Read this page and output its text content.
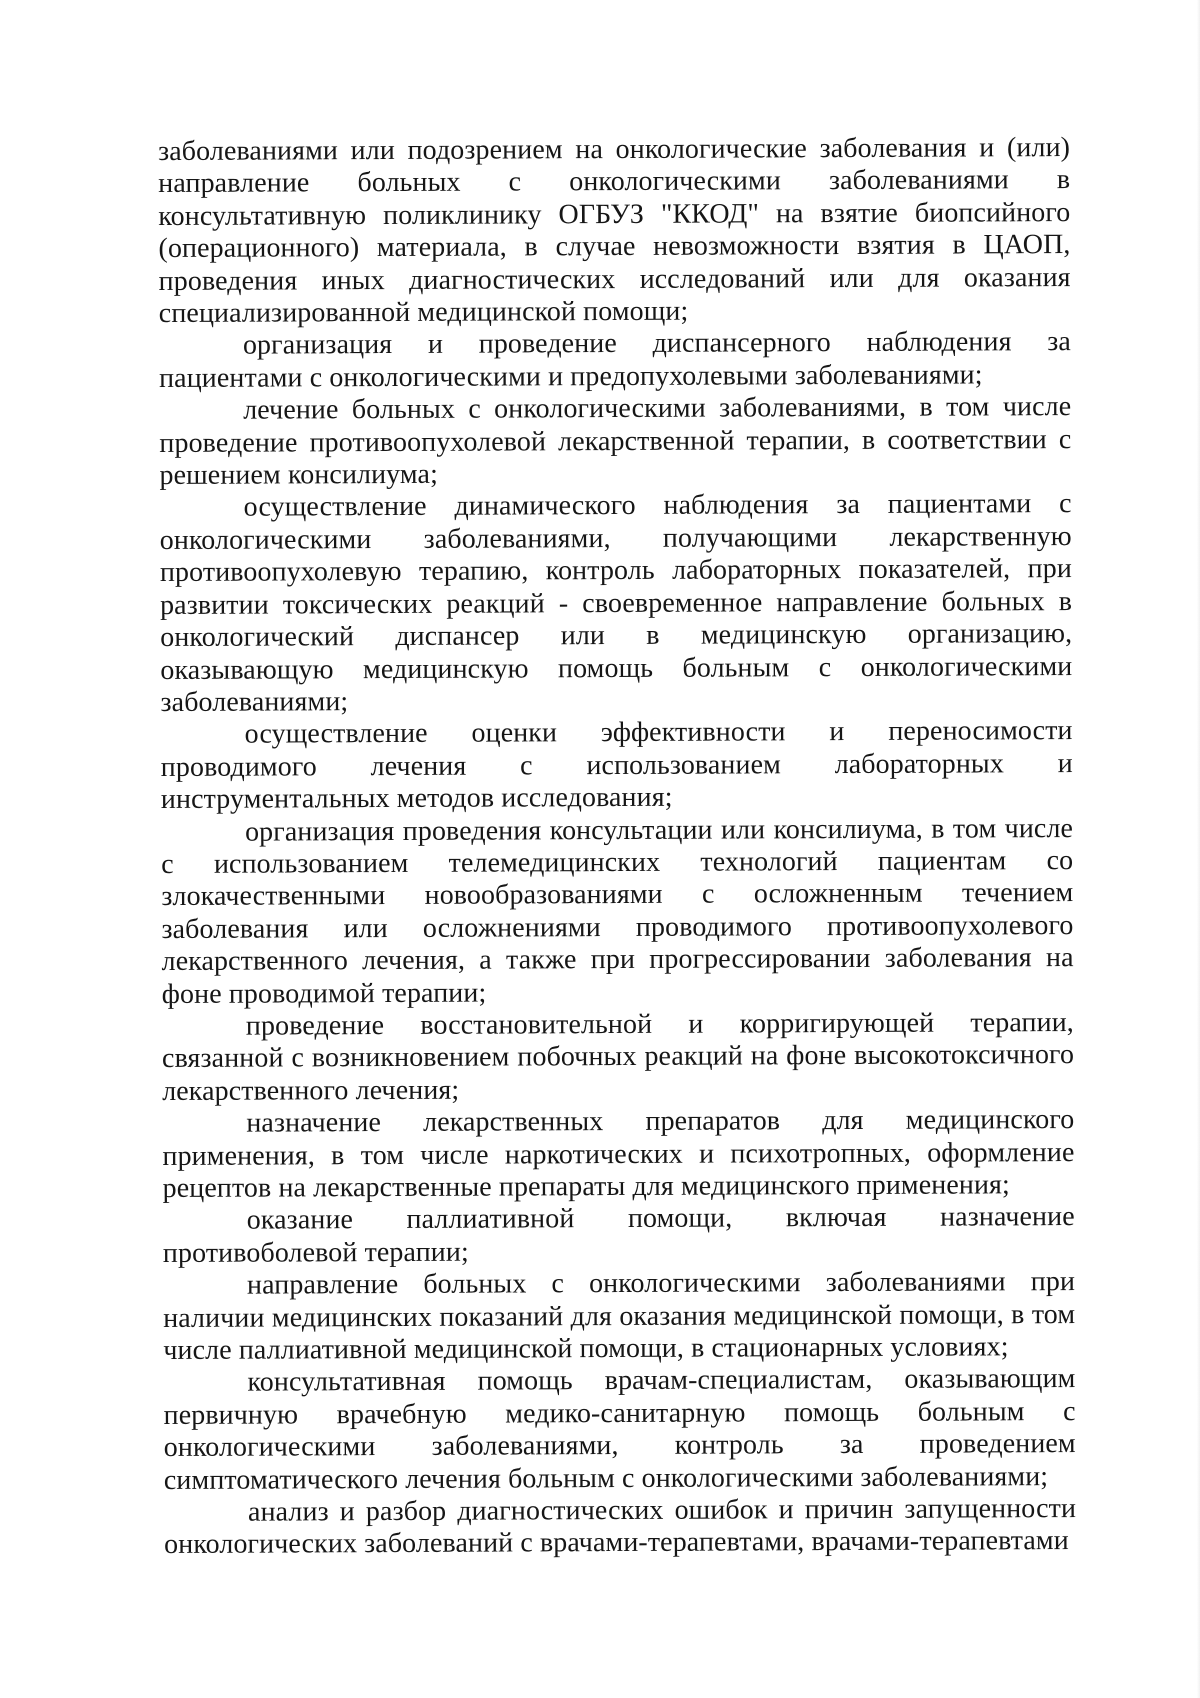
заболеваниями или подозрением на онкологические заболевания и (или) направление больных с онкологическими заболеваниями в консультативную поликлинику ОГБУЗ "ККОД" на взятие биопсийного (операционного) материала, в случае невозможности взятия в ЦАОП, проведения иных диагностических исследований или для оказания специализированной медицинской помощи;

организация и проведение диспансерного наблюдения за пациентами с онкологическими и предопухолевыми заболеваниями;

лечение больных с онкологическими заболеваниями, в том числе проведение противоопухолевой лекарственной терапии, в соответствии с решением консилиума;

осуществление динамического наблюдения за пациентами с онкологическими заболеваниями, получающими лекарственную противоопухолевую терапию, контроль лабораторных показателей, при развитии токсических реакций - своевременное направление больных в онкологический диспансер или в медицинскую организацию, оказывающую медицинскую помощь больным с онкологическими заболеваниями;

осуществление оценки эффективности и переносимости проводимого лечения с использованием лабораторных и инструментальных методов исследования;

организация проведения консультации или консилиума, в том числе с использованием телемедицинских технологий пациентам со злокачественными новообразованиями с осложненным течением заболевания или осложнениями проводимого противоопухолевого лекарственного лечения, а также при прогрессировании заболевания на фоне проводимой терапии;

проведение восстановительной и корригирующей терапии, связанной с возникновением побочных реакций на фоне высокотоксичного лекарственного лечения;

назначение лекарственных препаратов для медицинского применения, в том числе наркотических и психотропных, оформление рецептов на лекарственные препараты для медицинского применения;

оказание паллиативной помощи, включая назначение противоболевой терапии;

направление больных с онкологическими заболеваниями при наличии медицинских показаний для оказания медицинской помощи, в том числе паллиативной медицинской помощи, в стационарных условиях;

консультативная помощь врачам-специалистам, оказывающим первичную врачебную медико-санитарную помощь больным с онкологическими заболеваниями, контроль за проведением симптоматического лечения больным с онкологическими заболеваниями;

анализ и разбор диагностических ошибок и причин запущенности онкологических заболеваний с врачами-терапевтами, врачами-терапевтами
